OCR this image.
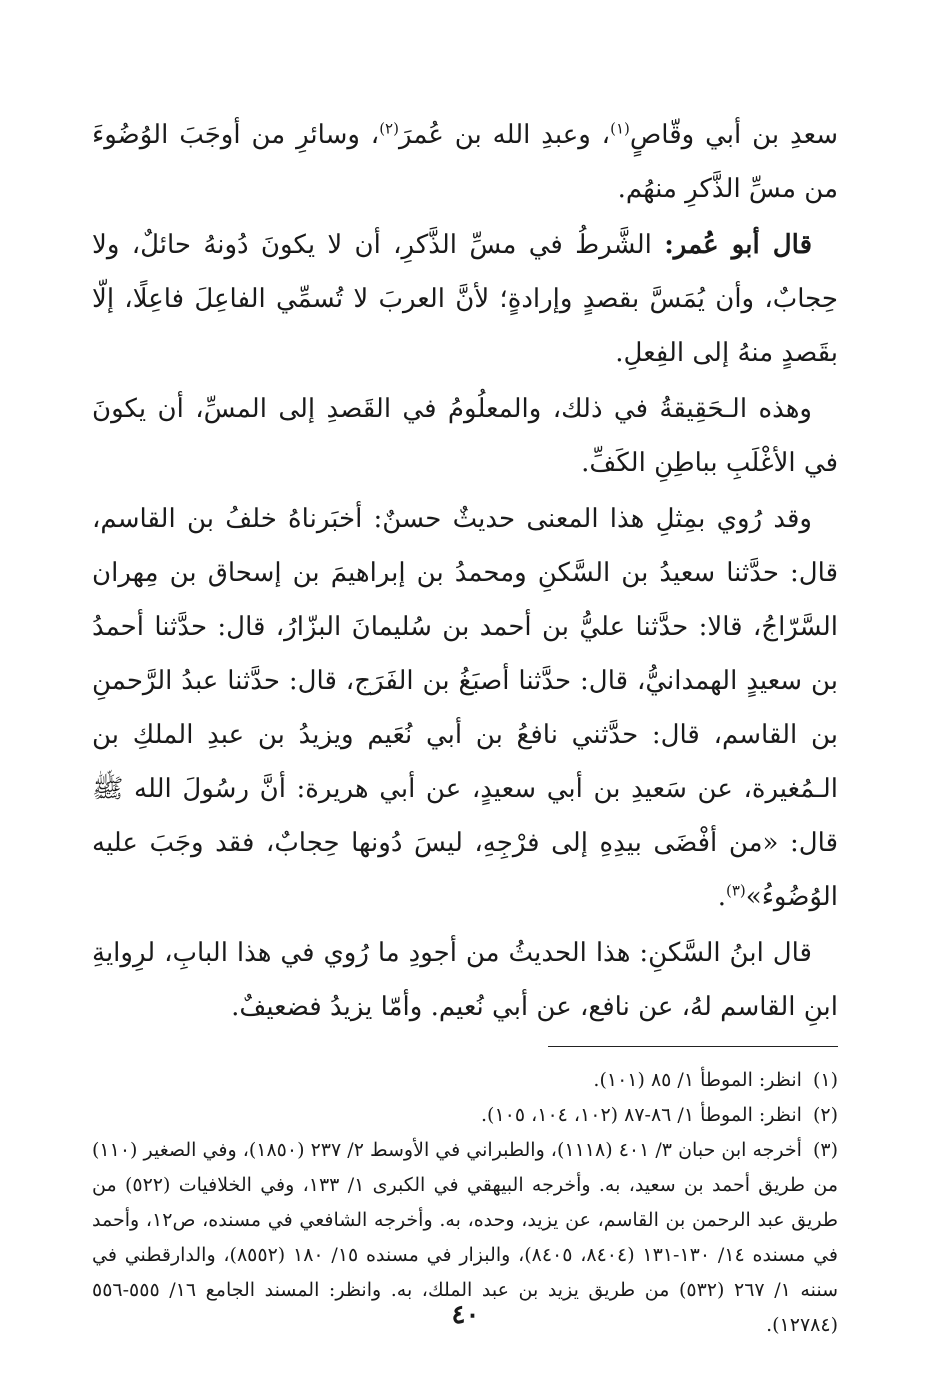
سعدِ بن أبي وقّاصٍ$^{(١)}$، وعبدِ الله بن عُمرَ$^{(٢)}$، وسائرِ من أوجَبَ الوُضُوءَ من مسِّ الذَّكرِ منهُم.

قال أبو عُمر: الشَّرطُ في مسِّ الذَّكرِ، أن لا يكونَ دُونهُ حائلٌ، ولا حِجابٌ، وأن يُمَسَّ بقصدٍ وإرادةٍ؛ لأنَّ العربَ لا تُسمِّي الفاعِلَ فاعِلًا، إلّا بقَصدٍ منهُ إلى الفِعلِ.

وهذه الـحَقِيقةُ في ذلك، والمعلُومُ في القَصدِ إلى المسِّ، أن يكونَ في الأغْلَبِ بباطِنِ الكَفِّ.

وقد رُوي بمِثلِ هذا المعنى حديثٌ حسنٌ: أخبَرناهُ خلفُ بن القاسم، قال: حدَّثنا سعيدُ بن السَّكنِ ومحمدُ بن إبراهيمَ بن إسحاق بن مِهران السَّرّاجُ، قالا: حدَّثنا عليُّ بن أحمد بن سُليمانَ البزّارُ، قال: حدَّثنا أحمدُ بن سعيدٍ الهمدانيُّ، قال: حدَّثنا أصبَغُ بن الفَرَج، قال: حدَّثنا عبدُ الرَّحمنِ بن القاسم، قال: حدَّثني نافعُ بن أبي نُعَيم ويزيدُ بن عبدِ الملكِ بن الـمُغيرة، عن سَعيدِ بن أبي سعيدٍ، عن أبي هريرة: أنَّ رسُولَ الله ﷺ قال: «من أفْضَى بيدِهِ إلى فرْجِهِ، ليسَ دُونها حِجابٌ، فقد وجَبَ عليه الوُضُوءُ»$^{(٣)}$.

قال ابنُ السَّكنِ: هذا الحديثُ من أجودِ ما رُوي في هذا البابِ، لرِوايةِ ابنِ القاسم لهُ، عن نافع، عن أبي نُعيم. وأمّا يزيدُ فضعيفٌ.

(١) انظر: الموطأ ١/ ٨٥ (١٠١).

(٢) انظر: الموطأ ١/ ٨٦-٨٧ (١٠٢، ١٠٤، ١٠٥).

(٣) أخرجه ابن حبان ٣/ ٤٠١ (١١١٨)، والطبراني في الأوسط ٢/ ٢٣٧ (١٨٥٠)، وفي الصغير (١١٠) من طريق أحمد بن سعيد، به. وأخرجه البيهقي في الكبرى ١/ ١٣٣، وفي الخلافيات (٥٢٢) من طريق عبد الرحمن بن القاسم، عن يزيد، وحده، به. وأخرجه الشافعي في مسنده، ص١٢، وأحمد في مسنده ١٤/ ١٣٠-١٣١ (٨٤٠٤، ٨٤٠٥)، والبزار في مسنده ١٥/ ١٨٠ (٨٥٥٢)، والدارقطني في سننه ١/ ٢٦٧ (٥٣٢) من طريق يزيد بن عبد الملك، به. وانظر: المسند الجامع ١٦/ ٥٥٥-٥٥٦ (١٢٧٨٤).

٤٠
